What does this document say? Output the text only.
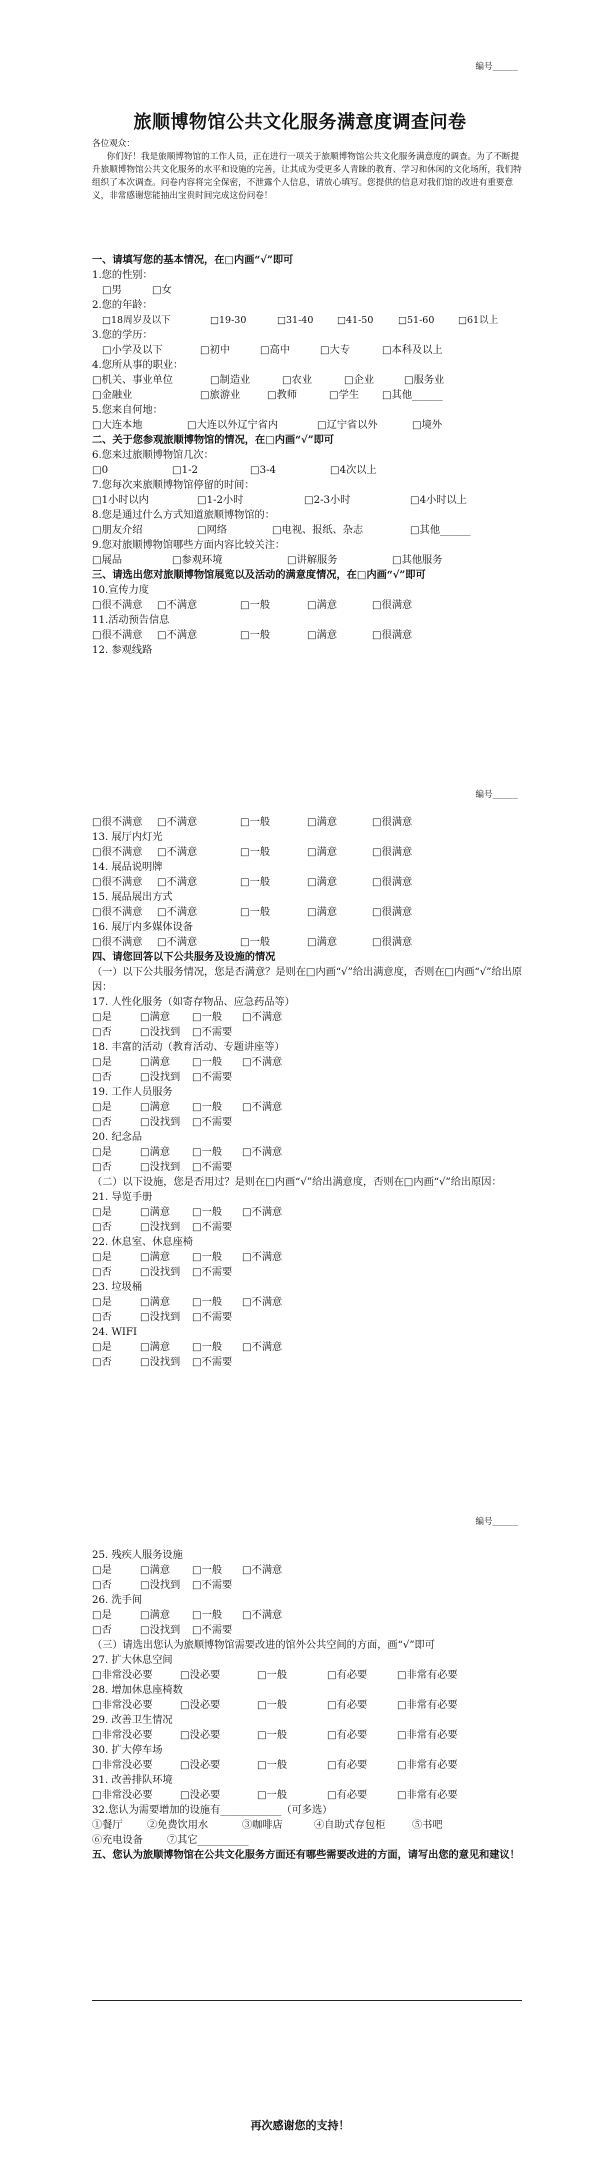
编号______
编号______
编号______
旅顺博物馆公共文化服务满意度调查问卷
各位观众：

你们好！我是旅顺博物馆的工作人员，正在进行一项关于旅顺博物馆公共文化服务满意度的调查。为了不断提升旅顺博物馆公共文化服务的水平和设施的完善，让其成为受更多人青睐的教育、学习和休闲的文化场所，我们特组织了本次调查。问卷内容将完全保密，不泄露个人信息，请放心填写。您提供的信息对我们馆的改进有重要意义，非常感谢您能抽出宝贵时间完成这份问卷！

一、请填写您的基本情况，在□内画“√”即可
1.您的性别：
□男	□女
2.您的年龄：
□18周岁及以下	□19-30	□31-40 □41-50	□51-60 □61以上
3.您的学历：
□小学及以下	□初中	□高中	□大专	□本科及以上
4.您所从事的职业：
□机关、事业单位	□制造业	□农业	□企业	□服务业
□金融业	□旅游业	□教师	□学生 □其他______
5.您来自何地：
□大连本地	□大连以外辽宁省内	□辽宁省以外	□境外
二、关于您参观旅顺博物馆的情况，在□内画“√”即可
6.您来过旅顺博物馆几次：
□0	□1-2	□3-4	□4次以上
7.您每次来旅顺博物馆停留的时间：
□1小时以内	□1-2小时	□2-3小时	□4小时以上
8.您是通过什么方式知道旅顺博物馆的：
□朋友介绍	□网络	□电视、报纸、杂志	□其他______
9.您对旅顺博物馆哪些方面内容比较关注：
□展品	□参观环境	□讲解服务	□其他服务
三、请选出您对旅顺博物馆展览以及活动的满意度情况，在□内画“√”即可
10.宣传力度
□很不满意 □不满意	□一般	□满意	□很满意
11.活动预告信息
□很不满意 □不满意	□一般	□满意	□很满意
12. 参观线路
□很不满意 □不满意	□一般	□满意	□很满意
13. 展厅内灯光
□很不满意 □不满意	□一般	□满意	□很满意
14. 展品说明牌
□很不满意 □不满意	□一般	□满意	□很满意
15. 展品展出方式
□很不满意 □不满意	□一般	□满意	□很满意
16. 展厅内多媒体设备
□很不满意 □不满意	□一般	□满意	□很满意
四、请您回答以下公共服务及设施的情况
（一）以下公共服务情况，您是否满意？是则在□内画“√”给出满意度，否则在□内画“√”给出原因：
17. 人性化服务（如寄存物品、应急药品等）
□是	□满意 □一般 □不满意
□否	□没找到 □不需要
18. 丰富的活动（教育活动、专题讲座等）
□是	□满意 □一般 □不满意
□否	□没找到 □不需要
19. 工作人员服务
□是	□满意 □一般 □不满意
□否	□没找到 □不需要
20. 纪念品
□是	□满意 □一般 □不满意
□否	□没找到 □不需要
（二）以下设施，您是否用过？是则在□内画“√”给出满意度，否则在□内画“√”给出原因：
21. 导览手册
□是	□满意 □一般 □不满意
□否	□没找到 □不需要
22. 休息室、休息座椅
□是	□满意 □一般 □不满意
□否	□没找到 □不需要
23. 垃圾桶
□是	□满意 □一般 □不满意
□否	□没找到 □不需要
24. WIFI
□是	□满意 □一般 □不满意
□否	□没找到 □不需要
25. 残疾人服务设施
□是	□满意 □一般 □不满意
□否	□没找到 □不需要
26. 洗手间
□是	□满意 □一般 □不满意
□否	□没找到 □不需要
（三）请选出您认为旅顺博物馆需要改进的馆外公共空间的方面，画“√”即可
27. 扩大休息空间
□非常没必要	□没必要	□一般	□有必要	□非常有必要
28. 增加休息座椅数
□非常没必要	□没必要	□一般	□有必要	□非常有必要
29. 改善卫生情况
□非常没必要	□没必要	□一般	□有必要	□非常有必要
30. 扩大停车场
□非常没必要	□没必要	□一般	□有必要	□非常有必要
31. 改善排队环境
□非常没必要	□没必要	□一般	□有必要	□非常有必要
32.您认为需要增加的设施有____________（可多选）
①餐厅 ②免费饮用水	③咖啡店	④自助式存包柜	⑤书吧
⑥充电设备 ⑦其它__________
五、您认为旅顺博物馆在公共文化服务方面还有哪些需要改进的方面，请写出您的意见和建议！
再次感谢您的支持！
